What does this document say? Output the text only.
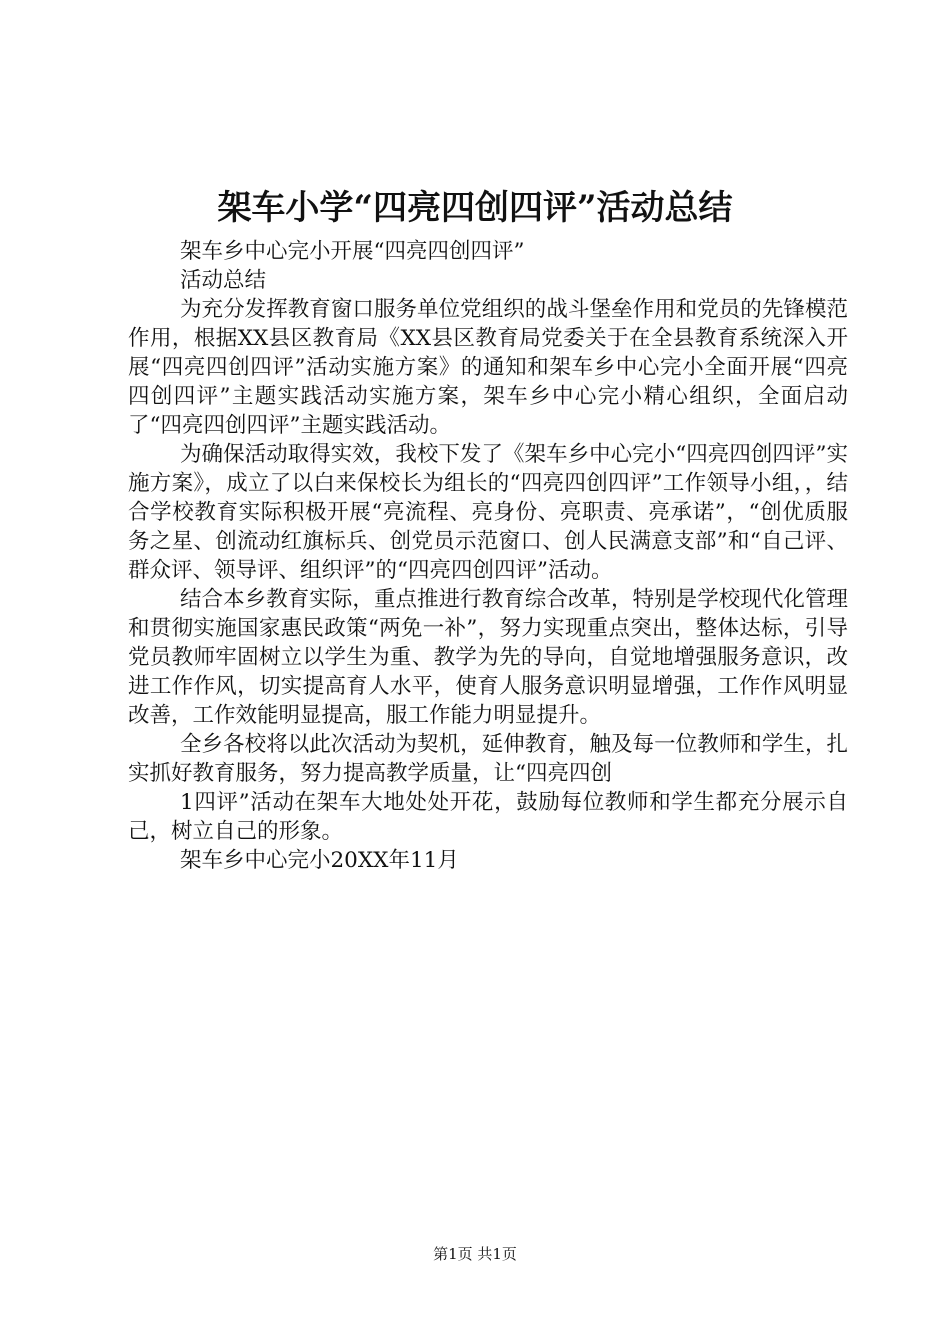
架车小学“四亮四创四评”活动总结

架车乡中心完小开展“四亮四创四评”

活动总结

为充分发挥教育窗口服务单位党组织的战斗堡垒作用和党员的先锋模范作用，根据XX县区教育局《XX县区教育局党委关于在全县教育系统深入开展“四亮四创四评”活动实施方案》的通知和架车乡中心完小全面开展“四亮四创四评”主题实践活动实施方案，架车乡中心完小精心组织，全面启动了“四亮四创四评”主题实践活动。

为确保活动取得实效，我校下发了《架车乡中心完小“四亮四创四评”实施方案》，成立了以白来保校长为组长的“四亮四创四评”工作领导小组，，结合学校教育实际积极开展“亮流程、亮身份、亮职责、亮承诺”，“创优质服务之星、创流动红旗标兵、创党员示范窗口、创人民满意支部”和“自己评、群众评、领导评、组织评”的“四亮四创四评”活动。

结合本乡教育实际，重点推进行教育综合改革，特别是学校现代化管理和贯彻实施国家惠民政策“两免一补”，努力实现重点突出，整体达标，引导党员教师牢固树立以学生为重、教学为先的导向，自觉地增强服务意识，改进工作作风，切实提高育人水平，使育人服务意识明显增强，工作作风明显改善，工作效能明显提高，服工作能力明显提升。

全乡各校将以此次活动为契机，延伸教育，触及每一位教师和学生，扎实抓好教育服务，努力提高教学质量，让“四亮四创

1四评”活动在架车大地处处开花，鼓励每位教师和学生都充分展示自己，树立自己的形象。

架车乡中心完小20XX年11月

第1页 共1页
